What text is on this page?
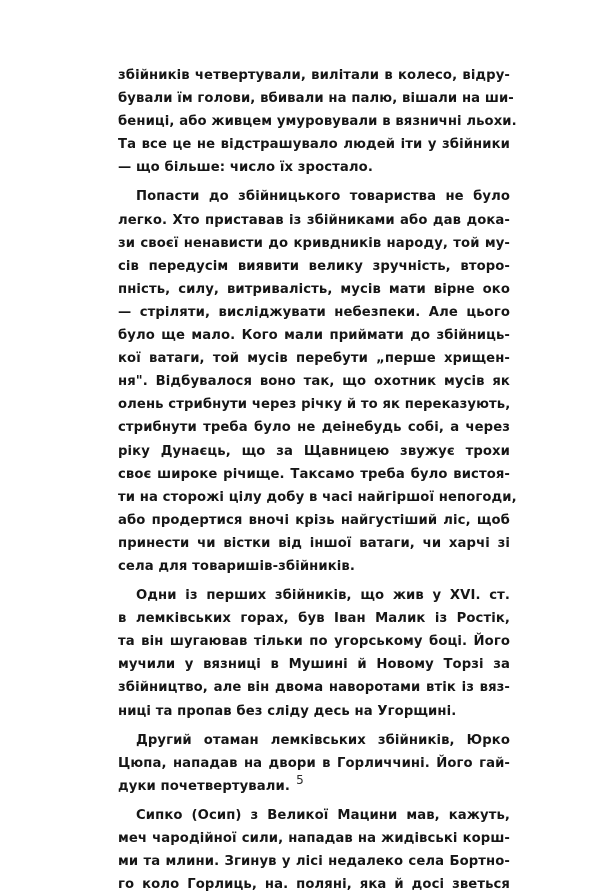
збійників четвертували, вилітали в колесо, відру-
бували їм голови, вбивали на палю, вішали на ши-
бениці, або живцем умуровували в вязничні льохи.
Та все це не відстрашувало людей іти у збійники
— що більше: число їх зростало.
Попасти до збійницького товариства не було
легко. Хто приставав із збійниками або дав дока-
зи своєї ненависти до кривдників народу, той му-
сів передусім виявити велику зручність, второ-
пність, силу, витривалість, мусів мати вірне око
— стріляти, висліджувати небезпеки. Але цього
було ще мало. Кого мали приймати до збійниць-
кої ватаги, той мусів перебути „перше хрищен-
ня". Відбувалося воно так, що охотник мусів як
олень стрибнути через річку й то як переказують,
стрибнути треба було не деінебудь собі, а через
ріку Дунаєць, що за Щавницею звужує трохи
своє широке річище. Таксамо треба було вистоя-
ти на сторожі цілу добу в часі найгіршої непогоди,
або продертися вночі крізь найгустіший ліс, щоб
принести чи вістки від іншої ватаги, чи харчі зі
села для товаришів-збійників.
Одни із перших збійників, що жив у XVI. ст.
в лемківських горах, був Іван Малик із Ростік,
та він шугаював тільки по угорському боці. Його
мучили у вязниці в Мушині й Новому Торзі за
збійництво, але він двома наворотами втік із вяз-
ниці та пропав без сліду десь на Угорщині.
Другий отаман лемківських збійників, Юрко
Цюпа, нападав на двори в Горличчині. Його гай-
дуки почетвертували.
Сипко (Осип) з Великої Мацини мав, кажуть,
меч чародійної сили, нападав на жидівські корш-
ми та млини. Згинув у лісі недалеко села Бортно-
го коло Горлиць, на. поляні, яка й досі зветься
5
